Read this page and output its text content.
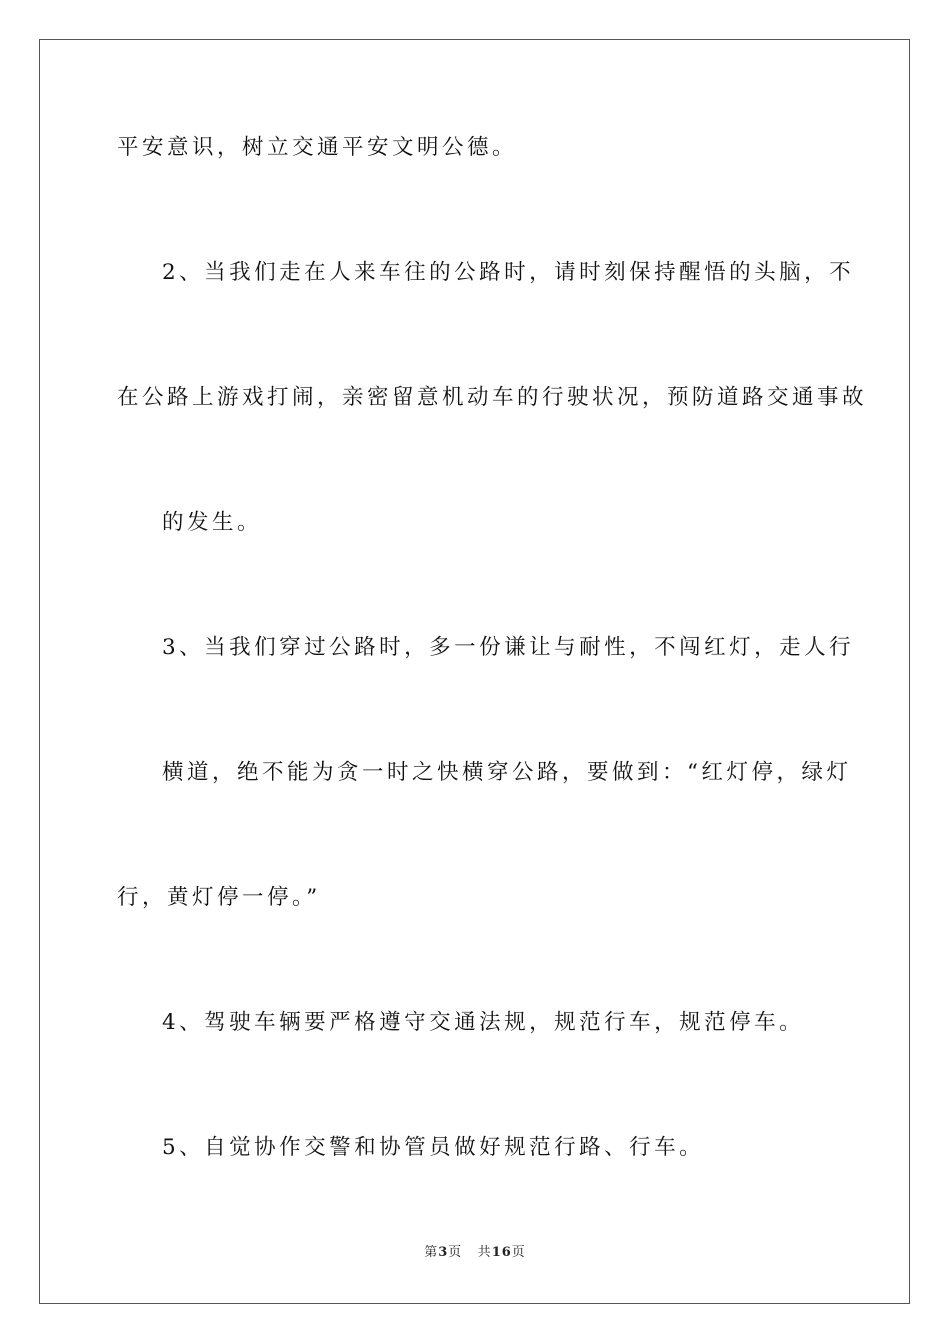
平安意识，树立交通平安文明公德。

2、当我们走在人来车往的公路时，请时刻保持醒悟的头脑，不

在公路上游戏打闹，亲密留意机动车的行驶状况，预防道路交通事故

的发生。

3、当我们穿过公路时，多一份谦让与耐性，不闯红灯，走人行

横道，绝不能为贪一时之快横穿公路，要做到：“红灯停，绿灯

行，黄灯停一停。”

4、驾驶车辆要严格遵守交通法规，规范行车，规范停车。

5、自觉协作交警和协管员做好规范行路、行车。

第3页 共16页
